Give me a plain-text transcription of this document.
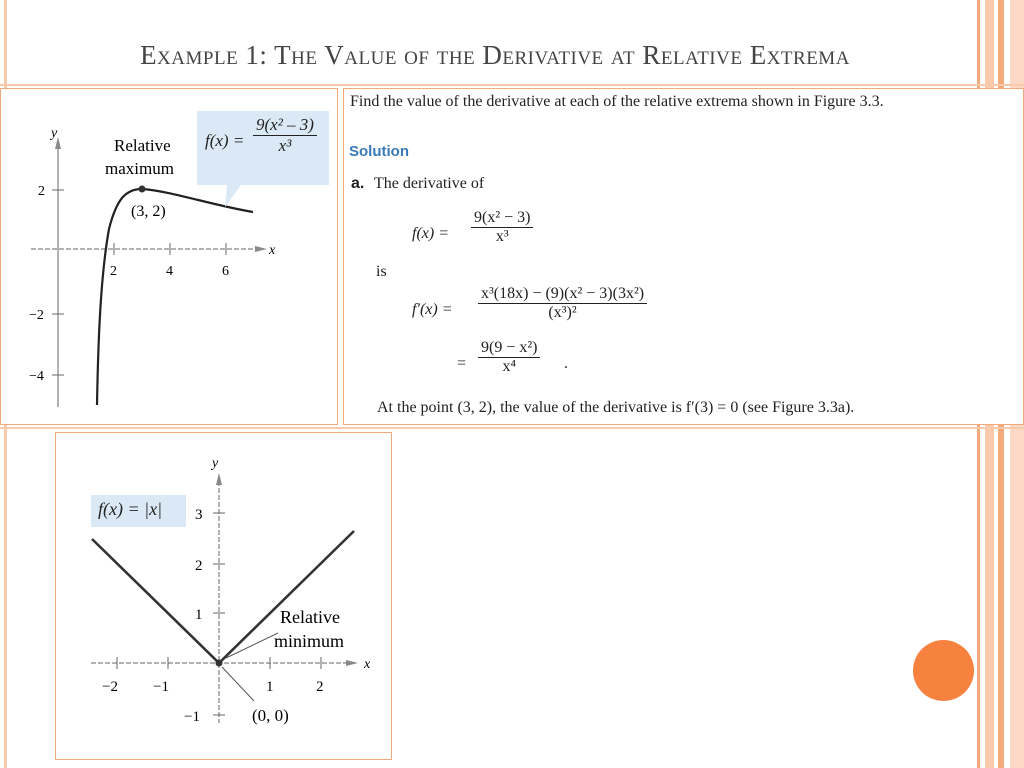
Example 1: The Value of the Derivative at Relative Extrema
y
x
2	4	6
2
−2
−4
Relative
maximum
(3, 2)
$f(x) = \frac{\text{9(x² – 3)}}{\text{x³}}$
Find the value of the derivative at each of the relative extrema shown in Figure 3.3.
Solution
a. The derivative of
$f(x) = \frac{\text{9(x² − 3)}}{\text{x³}}$
is
$f'(x) = \frac{\text{x³(18x) − (9)(x² − 3)(3x²)}}{\text{(x³)²}}$
= $\frac{\text{9(9 − x²)}}{\text{x⁴}}$ .
At the point (3, 2), the value of the derivative is f′(3) = 0 (see Figure 3.3a).
y
x
−2 −1	1	2
3
2
1
−1
Relative
minimum
(0, 0)
f(x) = |x|
